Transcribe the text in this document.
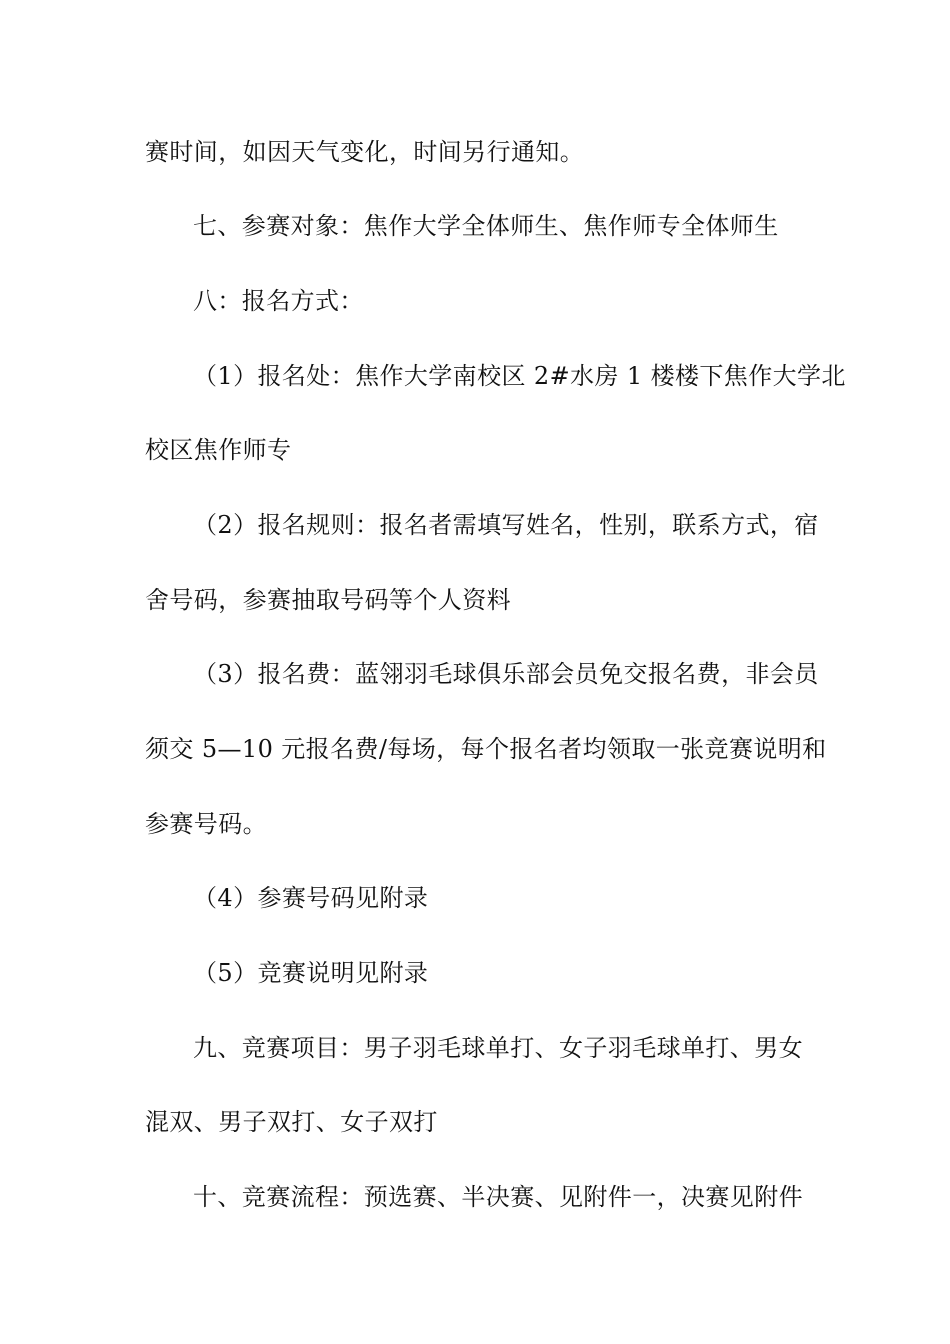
赛时间，如因天气变化，时间另行通知。
七、参赛对象：焦作大学全体师生、焦作师专全体师生
八：报名方式：
（1）报名处：焦作大学南校区 2#水房 1 楼楼下焦作大学北
校区焦作师专
（2）报名规则：报名者需填写姓名，性别，联系方式，宿
舍号码，参赛抽取号码等个人资料
（3）报名费：蓝翎羽毛球俱乐部会员免交报名费，非会员
须交 5—10 元报名费/每场，每个报名者均领取一张竞赛说明和
参赛号码。
（4）参赛号码见附录
（5）竞赛说明见附录
九、竞赛项目：男子羽毛球单打、女子羽毛球单打、男女
混双、男子双打、女子双打
十、竞赛流程：预选赛、半决赛、见附件一，决赛见附件
